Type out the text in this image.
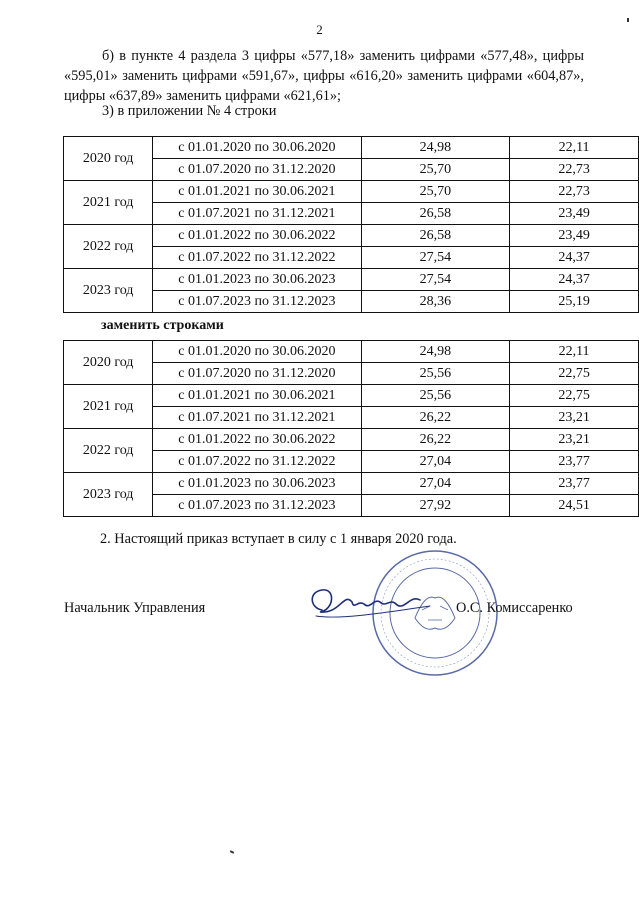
2
б) в пункте 4 раздела 3 цифры «577,18» заменить цифрами «577,48», цифры «595,01» заменить цифрами «591,67», цифры «616,20» заменить цифрами «604,87», цифры «637,89» заменить цифрами «621,61»;
3) в приложении № 4 строки
2020 год	с 01.01.2020 по 30.06.2020	24,98	22,11
	с 01.07.2020 по 31.12.2020	25,70	22,73
2021 год	с 01.01.2021 по 30.06.2021	25,70	22,73
	с 01.07.2021 по 31.12.2021	26,58	23,49
2022 год	с 01.01.2022 по 30.06.2022	26,58	23,49
	с 01.07.2022 по 31.12.2022	27,54	24,37
2023 год	с 01.01.2023 по 30.06.2023	27,54	24,37
	с 01.07.2023 по 31.12.2023	28,36	25,19
заменить строками
2020 год	с 01.01.2020 по 30.06.2020	24,98	22,11
	с 01.07.2020 по 31.12.2020	25,56	22,75
2021 год	с 01.01.2021 по 30.06.2021	25,56	22,75
	с 01.07.2021 по 31.12.2021	26,22	23,21
2022 год	с 01.01.2022 по 30.06.2022	26,22	23,21
	с 01.07.2022 по 31.12.2022	27,04	23,77
2023 год	с 01.01.2023 по 30.06.2023	27,04	23,77
	с 01.07.2023 по 31.12.2023	27,92	24,51
2. Настоящий приказ вступает в силу с 1 января 2020 года.
Начальник Управления	О.С. Комиссаренко
